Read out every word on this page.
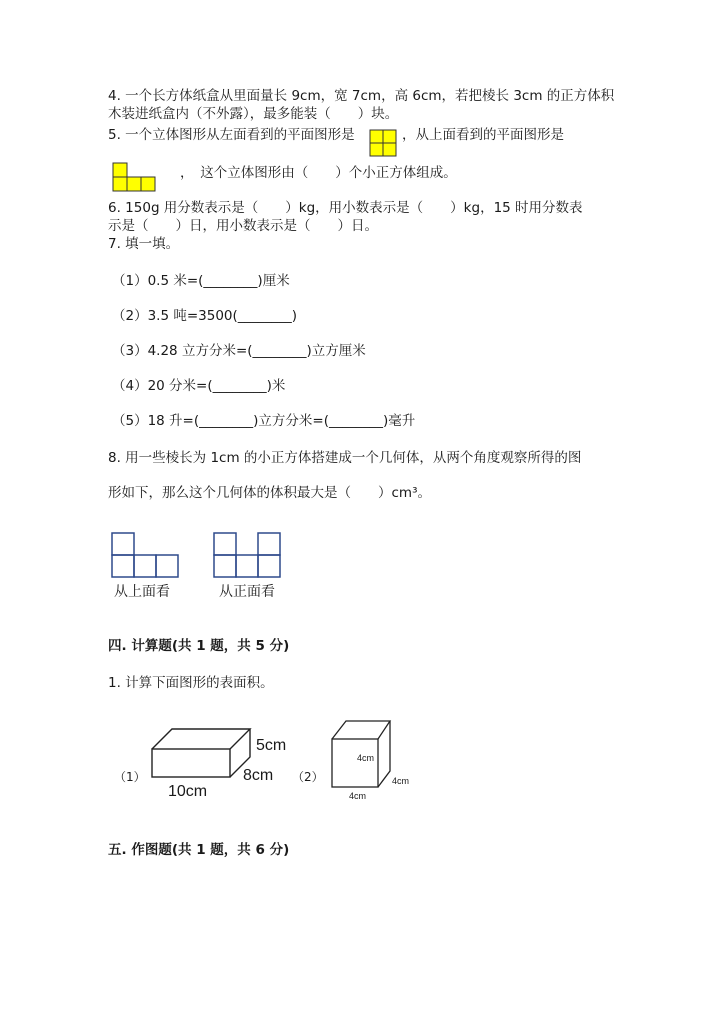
4. 一个长方体纸盒从里面量长 9cm，宽 7cm，高 6cm，若把棱长 3cm 的正方体积
木装进纸盒内（不外露），最多能装（　　）块。
5. 一个立体图形从左面看到的平面图形是	，从上面看到的平面图形是
，　这个立体图形由（　　）个小正方体组成。
6. 150g 用分数表示是（　　）kg，用小数表示是（　　）kg，15 时用分数表
示是（　　）日，用小数表示是（　　）日。
7. 填一填。
（1）0.5 米=(________)厘米
（2）3.5 吨=3500(________)
（3）4.28 立方分米=(________)立方厘米
（4）20 分米=(________)米
（5）18 升=(________)立方分米=(________)毫升
8. 用一些棱长为 1cm 的小正方体搭建成一个几何体，从两个角度观察所得的图
形如下，那么这个几何体的体积最大是（　　）cm³。
从上面看	从正面看
四. 计算题(共 1 题，共 5 分)
1. 计算下面图形的表面积。
（1）
5cm
8cm
10cm
（2）
4cm
4cm
4cm
五. 作图题(共 1 题，共 6 分)
